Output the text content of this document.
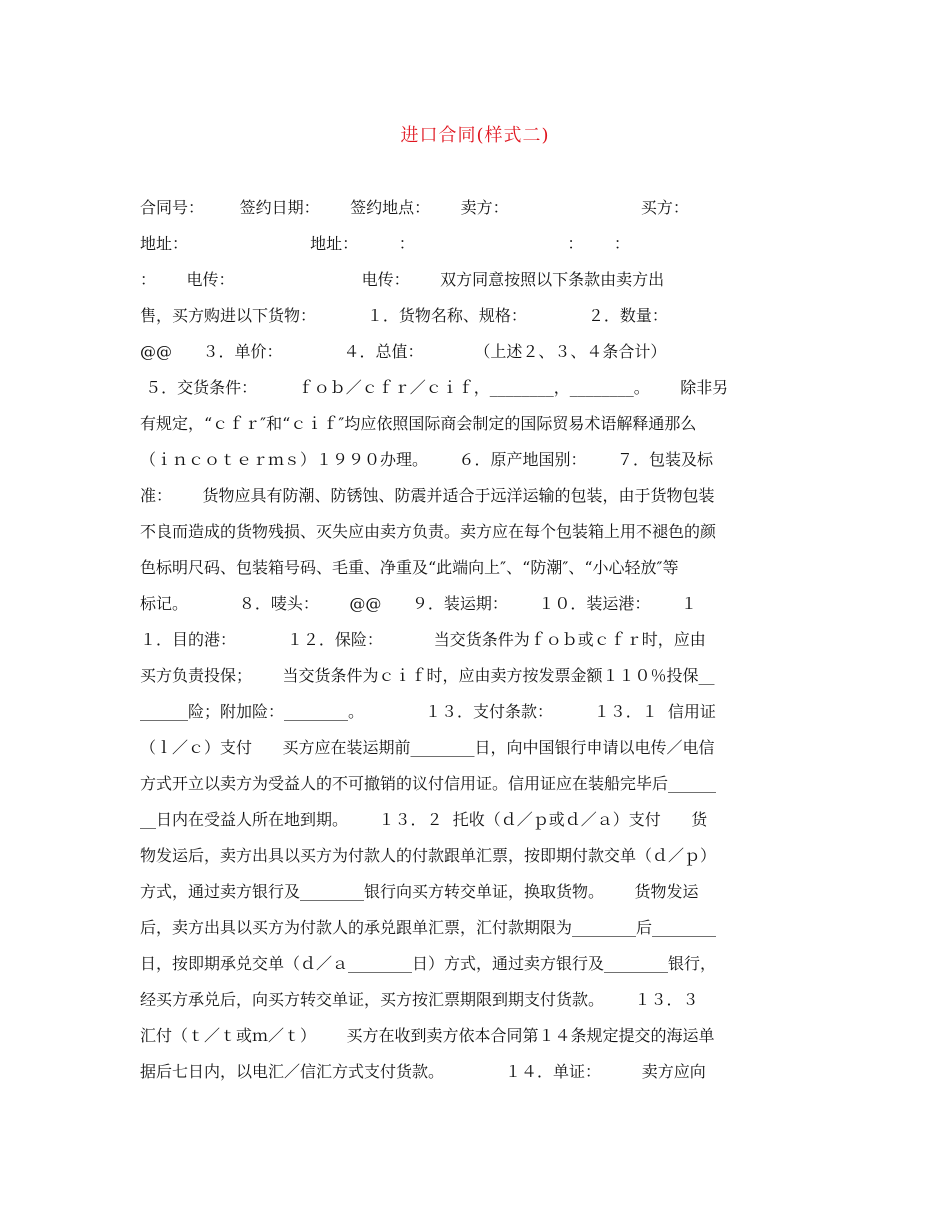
进口合同(样式二)
合同号：       签约日期：      签约地点：      卖方：                          买方：
地址：                        地址：        ：                              ：      ：
：      电传：                         电传：      双方同意按照以下条款由卖方出
售，买方购进以下货物：          １．货物名称、规格：            ２．数量：
@@      ３．单价：            ４．总值：          （上述２、３、４条合计）
５．交货条件：        ｆｏｂ／ｃｆｒ／ｃｉｆ，________，________。      除非另
有规定，“ｃｆｒ″和“ｃｉｆ″均应依照国际商会制定的国际贸易术语解释通那么
（ｉｎｃｏｔｅｒｍｓ）１９９０办理。      ６．原产地国别：      ７．包装及标
准：      货物应具有防潮、防锈蚀、防震并适合于远洋运输的包装，由于货物包装
不良而造成的货物残损、灭失应由卖方负责。卖方应在每个包装箱上用不褪色的颜
色标明尺码、包装箱号码、毛重、净重及“此端向上″、“防潮″、“小心轻放″等
标记。          ８．唛头：      @@      ９．装运期：      １０．装运港：      １
１．目的港：          １２．保险：          当交货条件为ｆｏｂ或ｃｆｒ时，应由
买方负责投保；      当交货条件为ｃｉｆ时，应由卖方按发票金额１１０％投保__
______险；附加险：________。            １３．支付条款：        １３．１  信用证
（ｌ／ｃ）支付      买方应在装运期前________日，向中国银行申请以电传／电信
方式开立以卖方为受益人的不可撤销的议付信用证。信用证应在装船完毕后______
__日内在受益人所在地到期。      １３．２  托收（ｄ／ｐ或ｄ／ａ）支付      货
物发运后，卖方出具以买方为付款人的付款跟单汇票，按即期付款交单（ｄ／ｐ）
方式，通过卖方银行及________银行向买方转交单证，换取货物。      货物发运
后，卖方出具以买方为付款人的承兑跟单汇票，汇付款期限为________后________
日，按即期承兑交单（ｄ／ａ________日）方式，通过卖方银行及________银行，
经买方承兑后，向买方转交单证，买方按汇票期限到期支付货款。      １３．３
汇付（ｔ／ｔ或ｍ／ｔ）      买方在收到卖方依本合同第１４条规定提交的海运单
据后七日内，以电汇／信汇方式支付货款。            １４．单证：        卖方应向
